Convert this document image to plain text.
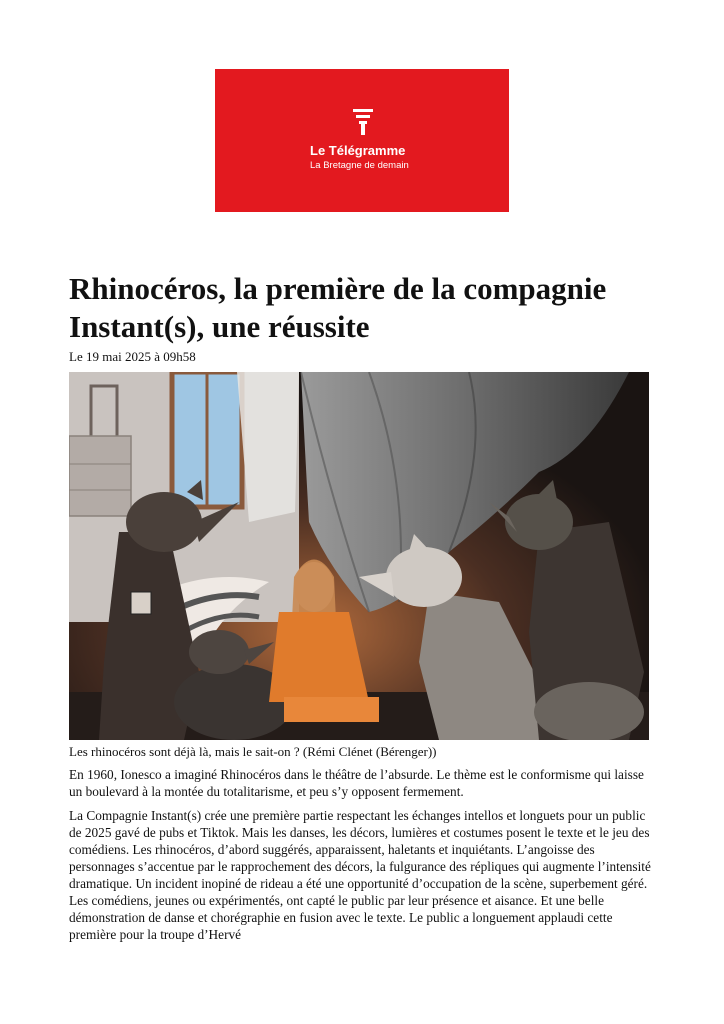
Le Télégramme
La Bretagne de demain
Rhinocéros, la première de la compagnie Instant(s), une réussite
Le 19 mai 2025 à 09h58
Les rhinocéros sont déjà là, mais le sait-on ? (Rémi Clénet (Bérenger))

En 1960, Ionesco a imaginé Rhinocéros dans le théâtre de l’absurde. Le thème est le conformisme qui laisse un boulevard à la montée du totalitarisme, et peu s’y opposent fermement.

La Compagnie Instant(s) crée une première partie respectant les échanges intellos et longuets pour un public de 2025 gavé de pubs et Tiktok. Mais les danses, les décors, lumières et costumes posent le texte et le jeu des comédiens. Les rhinocéros, d’abord suggérés, apparaissent, haletants et inquiétants. L’angoisse des personnages s’accentue par le rapprochement des décors, la fulgurance des répliques qui augmente l’intensité dramatique. Un incident inopiné de rideau a été une opportunité d’occupation de la scène, superbement géré. Les comédiens, jeunes ou expérimentés, ont capté le public par leur présence et aisance. Et une belle démonstration de danse et chorégraphie en fusion avec le texte. Le public a longuement applaudi cette première pour la troupe d’Hervé
